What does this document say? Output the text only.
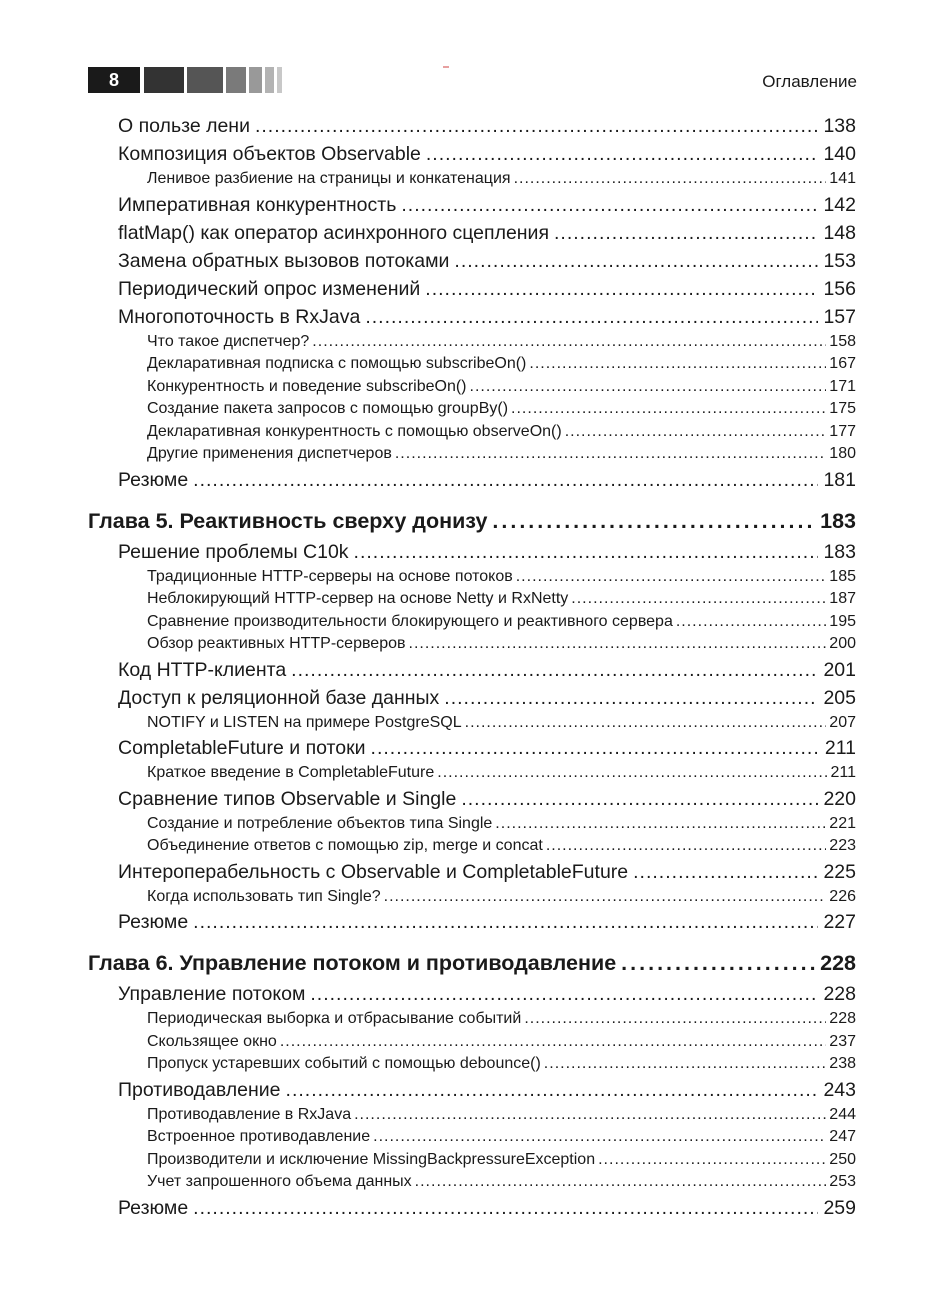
8	Оглавление
О пользе лени .....	138
Композиция объектов Observable .....	140
Ленивое разбиение на страницы и конкатенация .....	141
Императивная конкурентность .....	142
flatMap() как оператор асинхронного сцепления .....	148
Замена обратных вызовов потоками .....	153
Периодический опрос изменений .....	156
Многопоточность в RxJava .....	157
Что такое диспетчер? .....	158
Декларативная подписка с помощью subscribeOn() .....	167
Конкурентность и поведение subscribeOn() .....	171
Создание пакета запросов с помощью groupBy() .....	175
Декларативная конкурентность с помощью observeOn() .....	177
Другие применения диспетчеров .....	180
Резюме .....	181
Глава 5. Реактивность сверху донизу .....	183
Решение проблемы C10k .....	183
Традиционные HTTP-серверы на основе потоков .....	185
Неблокирующий HTTP-сервер на основе Netty и RxNetty .....	187
Сравнение производительности блокирующего и реактивного сервера .....	195
Обзор реактивных HTTP-серверов .....	200
Код HTTP-клиента .....	201
Доступ к реляционной базе данных .....	205
NOTIFY и LISTEN на примере PostgreSQL .....	207
CompletableFuture и потоки .....	211
Краткое введение в CompletableFuture .....	211
Сравнение типов Observable и Single .....	220
Создание и потребление объектов типа Single .....	221
Объединение ответов с помощью zip, merge и concat .....	223
Интероперабельность с Observable и CompletableFuture .....	225
Когда использовать тип Single? .....	226
Резюме .....	227
Глава 6. Управление потоком и противодавление .....	228
Управление потоком .....	228
Периодическая выборка и отбрасывание событий .....	228
Скользящее окно .....	237
Пропуск устаревших событий с помощью debounce() .....	238
Противодавление .....	243
Противодавление в RxJava .....	244
Встроенное противодавление .....	247
Производители и исключение MissingBackpressureException .....	250
Учет запрошенного объема данных .....	253
Резюме .....	259
